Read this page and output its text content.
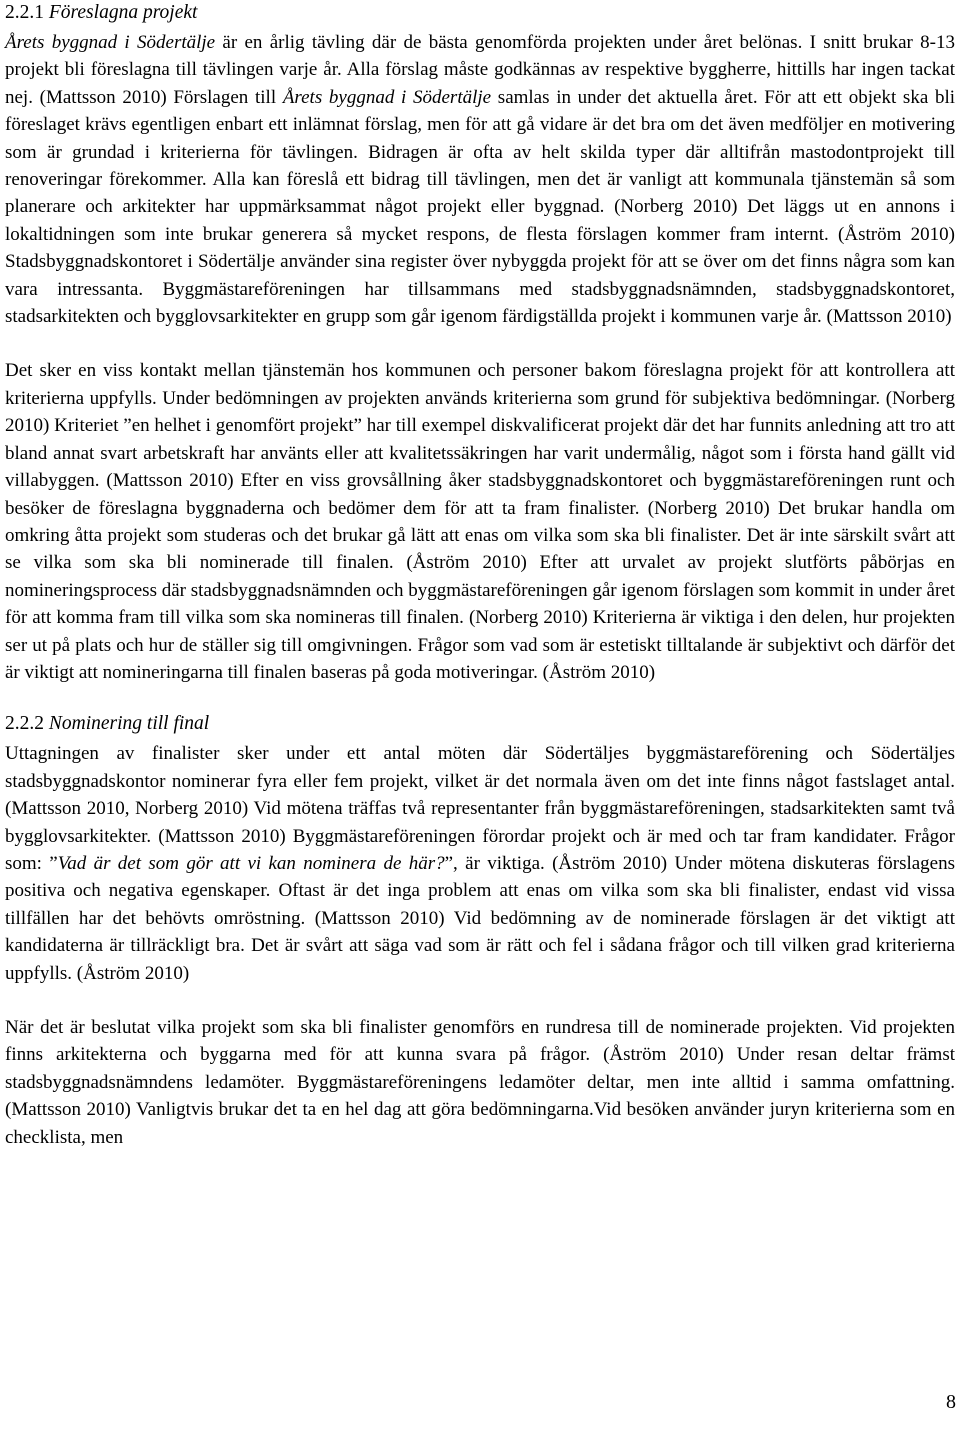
2.2.1 Föreslagna projekt

Årets byggnad i Södertälje är en årlig tävling där de bästa genomförda projekten under året belönas. I snitt brukar 8-13 projekt bli föreslagna till tävlingen varje år. Alla förslag måste godkännas av respektive byggherre, hittills har ingen tackat nej. (Mattsson 2010) Förslagen till Årets byggnad i Södertälje samlas in under det aktuella året. För att ett objekt ska bli föreslaget krävs egentligen enbart ett inlämnat förslag, men för att gå vidare är det bra om det även medföljer en motivering som är grundad i kriterierna för tävlingen. Bidragen är ofta av helt skilda typer där alltifrån mastodontprojekt till renoveringar förekommer. Alla kan föreslå ett bidrag till tävlingen, men det är vanligt att kommunala tjänstemän så som planerare och arkitekter har uppmärksammat något projekt eller byggnad. (Norberg 2010) Det läggs ut en annons i lokaltidningen som inte brukar generera så mycket respons, de flesta förslagen kommer fram internt. (Åström 2010) Stadsbyggnadskontoret i Södertälje använder sina register över nybyggda projekt för att se över om det finns några som kan vara intressanta. Byggmästareföreningen har tillsammans med stadsbyggnadsnämnden, stadsbyggnadskontoret, stadsarkitekten och bygglovsarkitekter en grupp som går igenom färdigställda projekt i kommunen varje år. (Mattsson 2010)

Det sker en viss kontakt mellan tjänstemän hos kommunen och personer bakom föreslagna projekt för att kontrollera att kriterierna uppfylls. Under bedömningen av projekten används kriterierna som grund för subjektiva bedömningar. (Norberg 2010) Kriteriet ”en helhet i genomfört projekt” har till exempel diskvalificerat projekt där det har funnits anledning att tro att bland annat svart arbetskraft har använts eller att kvalitetssäkringen har varit undermålig, något som i första hand gällt vid villabyggen. (Mattsson 2010) Efter en viss grovsållning åker stadsbyggnadskontoret och byggmästareföreningen runt och besöker de föreslagna byggnaderna och bedömer dem för att ta fram finalister. (Norberg 2010) Det brukar handla om omkring åtta projekt som studeras och det brukar gå lätt att enas om vilka som ska bli finalister. Det är inte särskilt svårt att se vilka som ska bli nominerade till finalen. (Åström 2010) Efter att urvalet av projekt slutförts påbörjas en nomineringsprocess där stadsbyggnadsnämnden och byggmästareföreningen går igenom förslagen som kommit in under året för att komma fram till vilka som ska nomineras till finalen. (Norberg 2010) Kriterierna är viktiga i den delen, hur projekten ser ut på plats och hur de ställer sig till omgivningen. Frågor som vad som är estetiskt tilltalande är subjektivt och därför det är viktigt att nomineringarna till finalen baseras på goda motiveringar. (Åström 2010)

2.2.2 Nominering till final

Uttagningen av finalister sker under ett antal möten där Södertäljes byggmästareförening och Södertäljes stadsbyggnadskontor nominerar fyra eller fem projekt, vilket är det normala även om det inte finns något fastslaget antal. (Mattsson 2010, Norberg 2010) Vid mötena träffas två representanter från byggmästareföreningen, stadsarkitekten samt två bygglovsarkitekter. (Mattsson 2010) Byggmästareföreningen förordar projekt och är med och tar fram kandidater. Frågor som: ”Vad är det som gör att vi kan nominera de här?”, är viktiga. (Åström 2010) Under mötena diskuteras förslagens positiva och negativa egenskaper. Oftast är det inga problem att enas om vilka som ska bli finalister, endast vid vissa tillfällen har det behövts omröstning. (Mattsson 2010) Vid bedömning av de nominerade förslagen är det viktigt att kandidaterna är tillräckligt bra. Det är svårt att säga vad som är rätt och fel i sådana frågor och till vilken grad kriterierna uppfylls. (Åström 2010)

När det är beslutat vilka projekt som ska bli finalister genomförs en rundresa till de nominerade projekten. Vid projekten finns arkitekterna och byggarna med för att kunna svara på frågor. (Åström 2010) Under resan deltar främst stadsbyggnadsnämndens ledamöter. Byggmästareföreningens ledamöter deltar, men inte alltid i samma omfattning. (Mattsson 2010) Vanligtvis brukar det ta en hel dag att göra bedömningarna.Vid besöken använder juryn kriterierna som en checklista, men

8
